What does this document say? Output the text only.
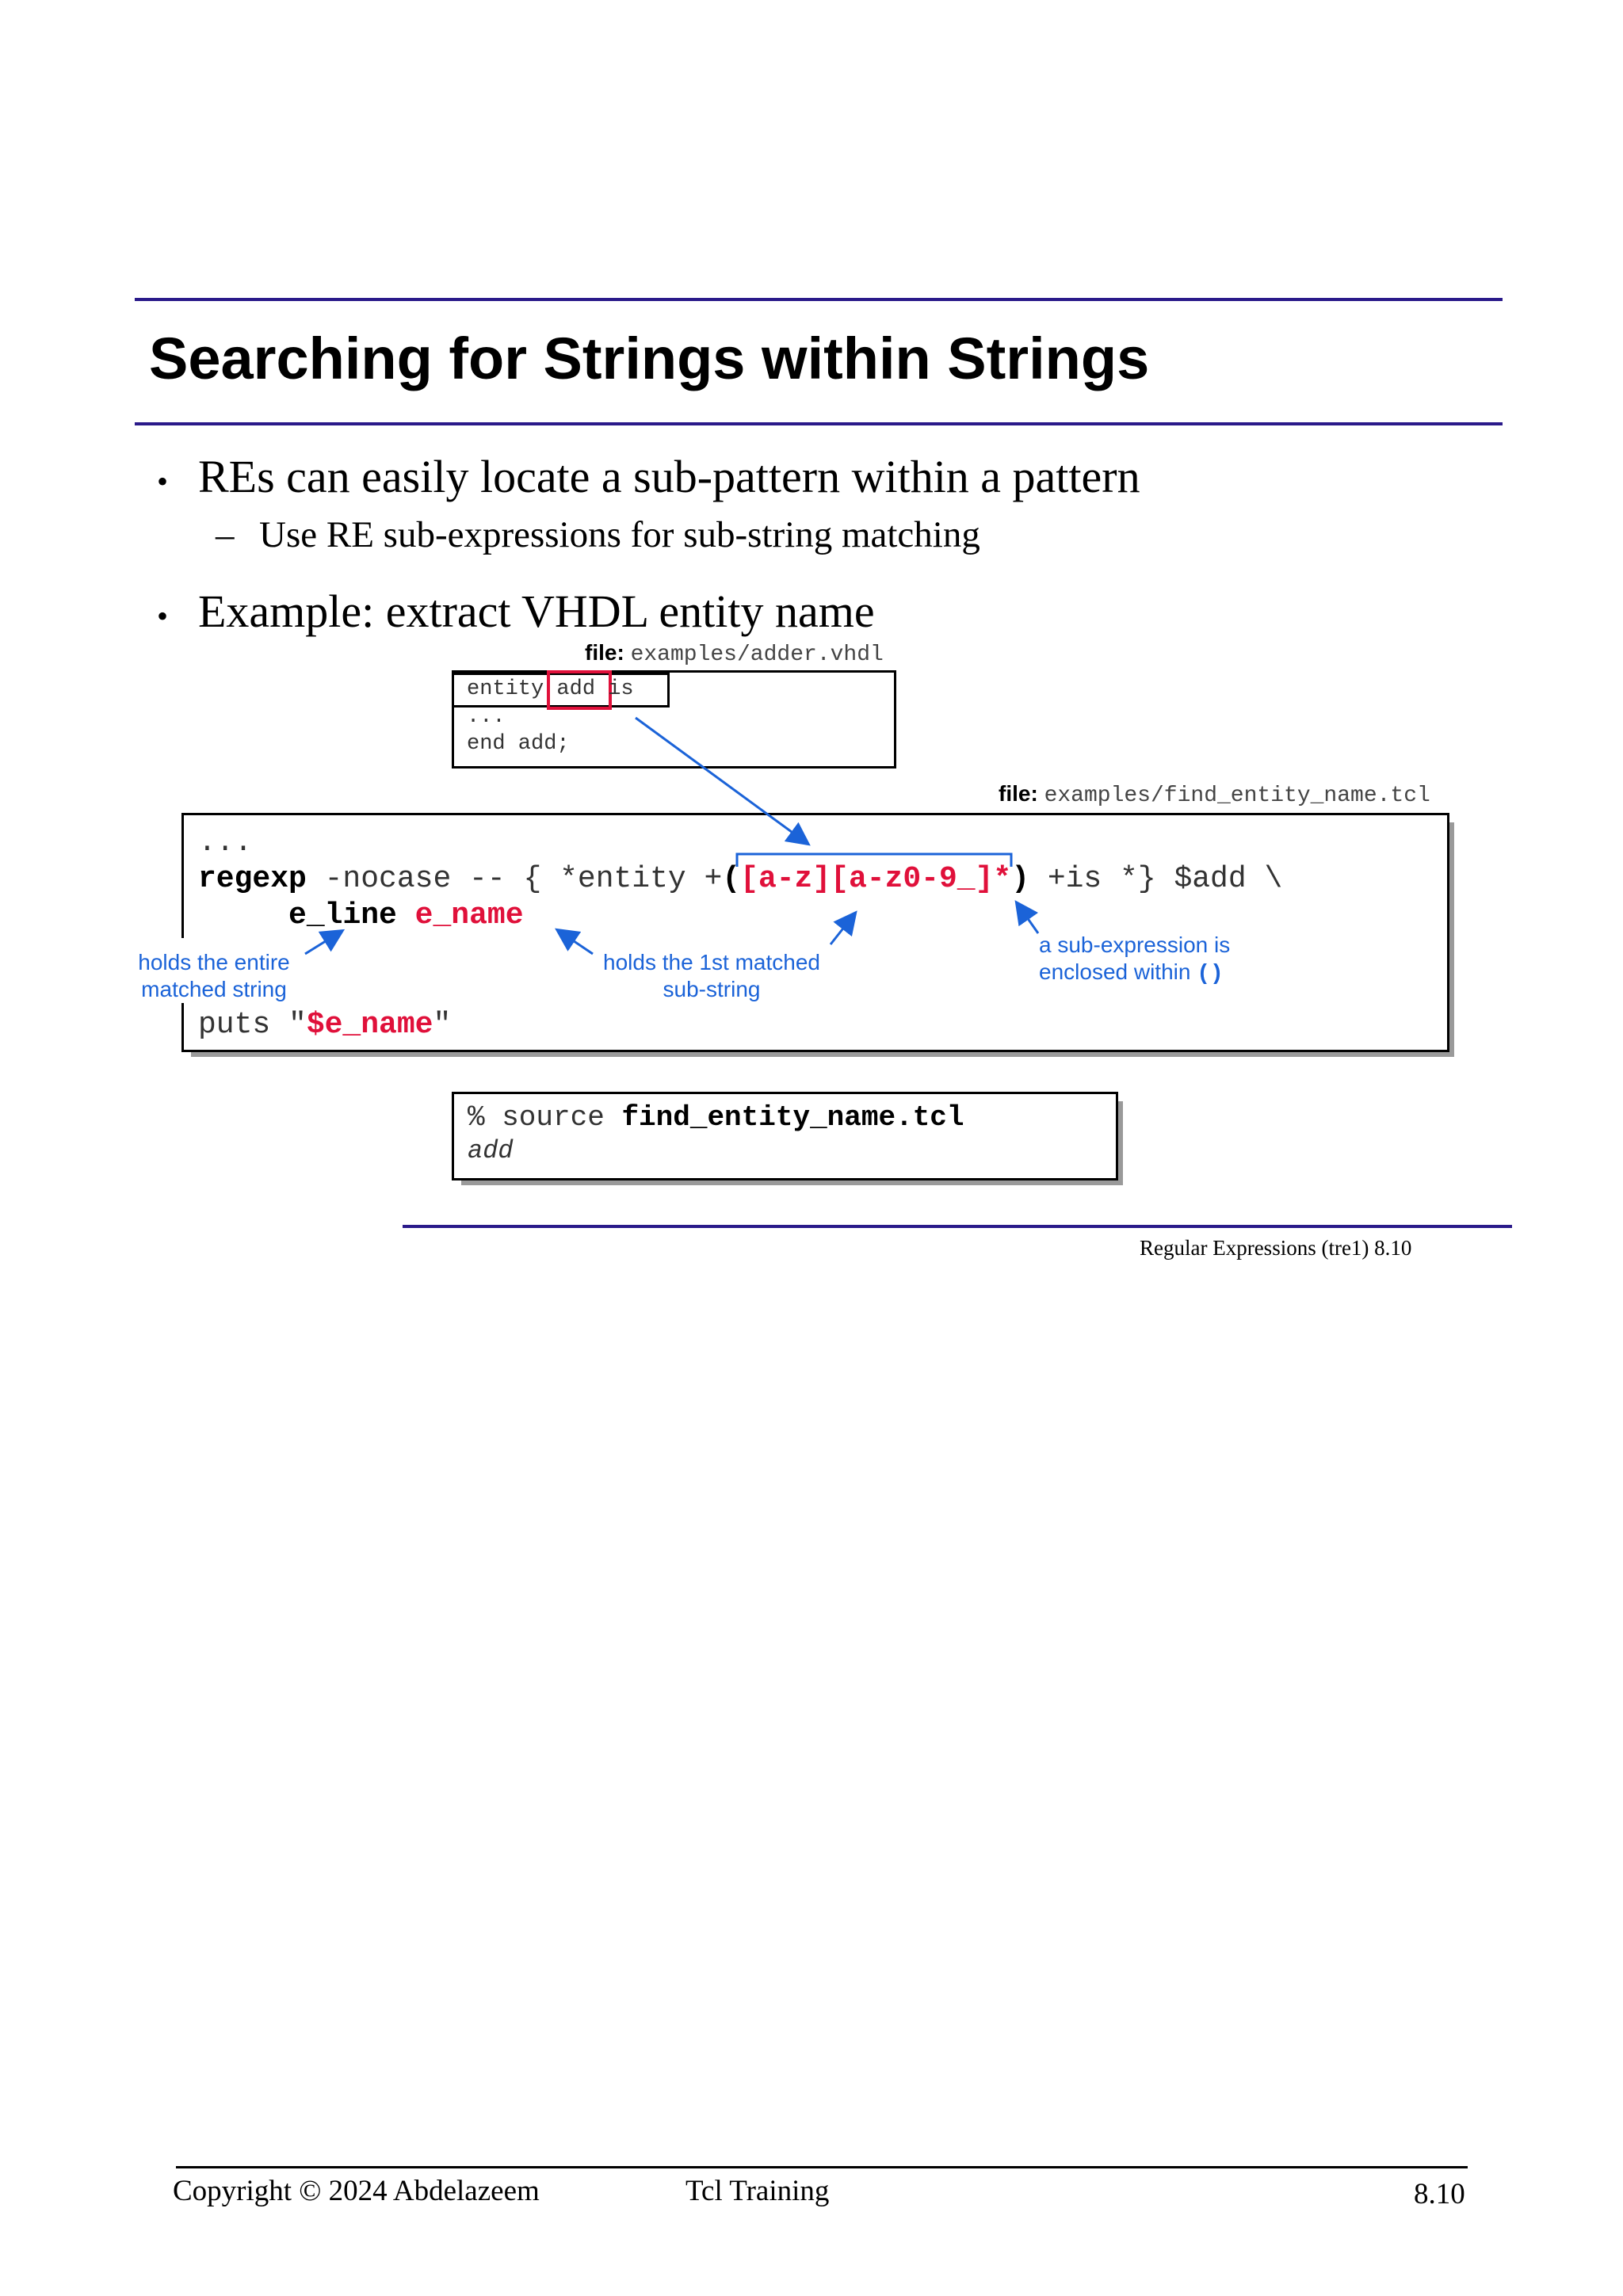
Searching for Strings within Strings
• REs can easily locate a sub-pattern within a pattern
– Use RE sub-expressions for sub-string matching
• Example: extract VHDL entity name
file: examples/adder.vhdl
entity add is
...
end add;
file: examples/find_entity_name.tcl
...
regexp -nocase -- { *entity +([a-z][a-z0-9_]*) +is *} $add \
e_line e_name
puts "$e_name"
holds the entire
matched string
holds the 1st matched
sub-string
a sub-expression is
enclosed within ()
% source find_entity_name.tcl
add
Regular Expressions (tre1) 8.10
Copyright © 2024 Abdelazeem	Tcl Training	8.10
